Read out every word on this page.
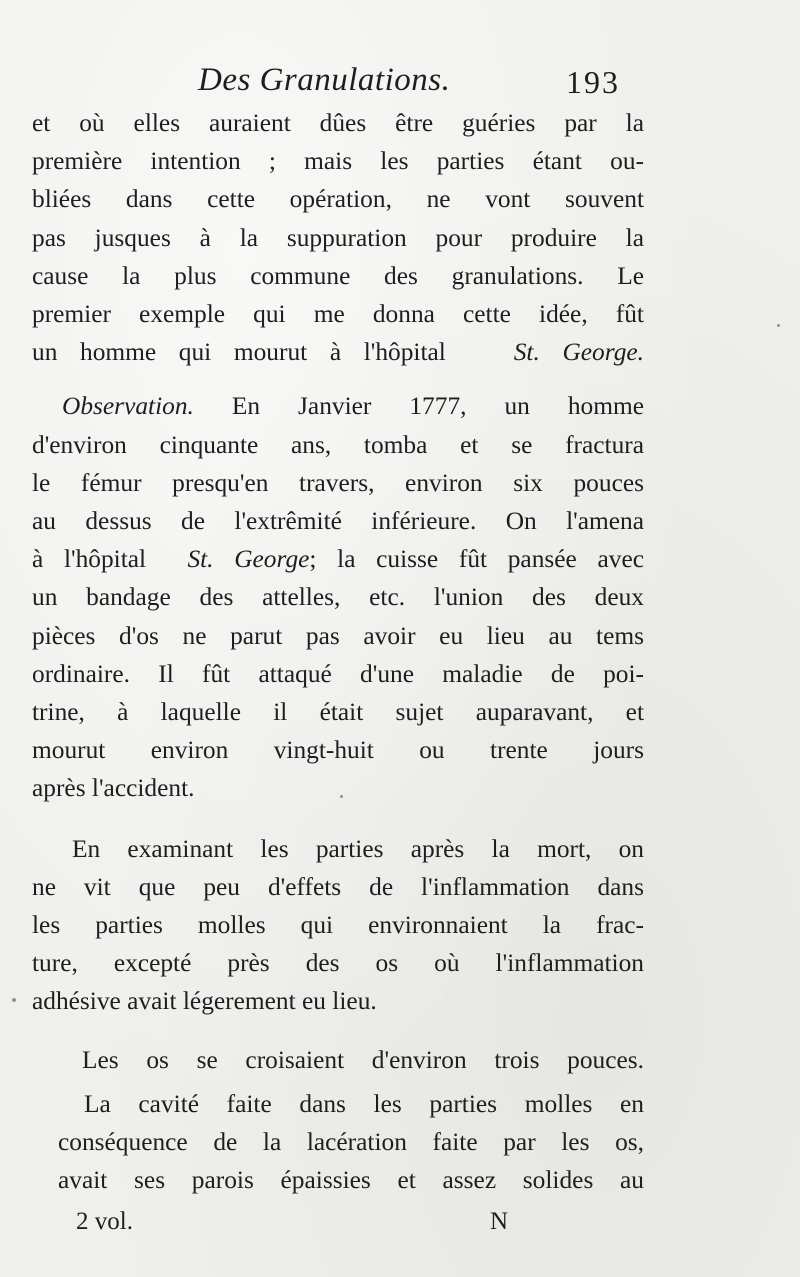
Des Granulations.	193

et où elles auraient dûes être guéries par la
première intention ; mais les parties étant ou-
bliées dans cette opération, ne vont souvent
pas jusques à la suppuration pour produire la
cause la plus commune des granulations. Le
premier exemple qui me donna cette idée, fût
un homme qui mourut à l'hôpital	St. George.

Observation. En Janvier 1777, un homme
d'environ cinquante ans, tomba et se fractura
le fémur presqu'en travers, environ six pouces
au dessus de l'extrêmité inférieure. On l'amena
à l'hôpital St. George; la cuisse fût pansée avec
un bandage des attelles, etc. l'union des deux
pièces d'os ne parut pas avoir eu lieu au tems
ordinaire. Il fût attaqué d'une maladie de poi-
trine, à laquelle il était sujet auparavant, et
mourut environ vingt-huit ou trente jours
après l'accident.

En examinant les parties après la mort, on
ne vit que peu d'effets de l'inflammation dans
les parties molles qui environnaient la frac-
ture, excepté près des os où l'inflammation
adhésive avait légerement eu lieu.

Les os se croisaient d'environ trois pouces.

La cavité faite dans les parties molles en
conséquence de la lacération faite par les os,
avait ses parois épaissies et assez solides au

2 vol.	N
